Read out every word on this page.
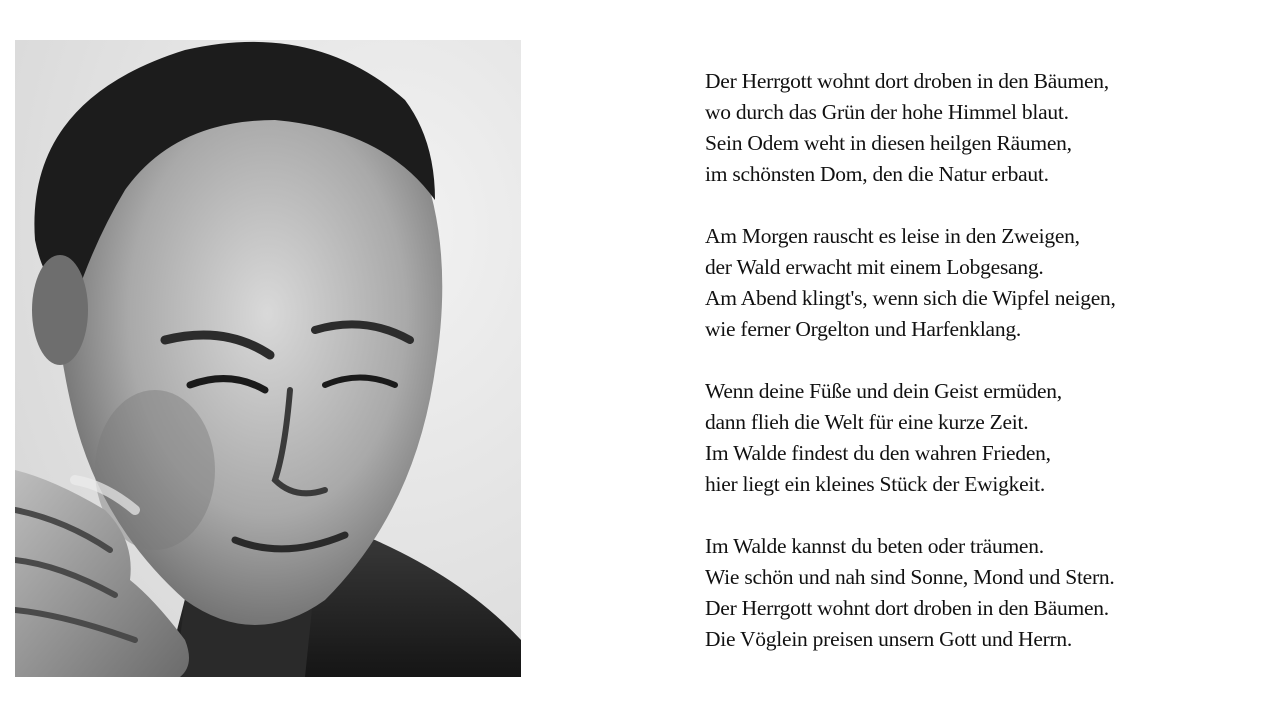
Der Herrgott wohnt dort droben in den Bäumen,
wo durch das Grün der hohe Himmel blaut.
Sein Odem weht in diesen heilgen Räumen,
im schönsten Dom, den die Natur erbaut.
Am Morgen rauscht es leise in den Zweigen,
der Wald erwacht mit einem Lobgesang.
Am Abend klingt's, wenn sich die Wipfel neigen,
wie ferner Orgelton und Harfenklang.
Wenn deine Füße und dein Geist ermüden,
dann flieh die Welt für eine kurze Zeit.
Im Walde findest du den wahren Frieden,
hier liegt ein kleines Stück der Ewigkeit.
Im Walde kannst du beten oder träumen.
Wie schön und nah sind Sonne, Mond und Stern.
Der Herrgott wohnt dort droben in den Bäumen.
Die Vöglein preisen unsern Gott und Herrn.
